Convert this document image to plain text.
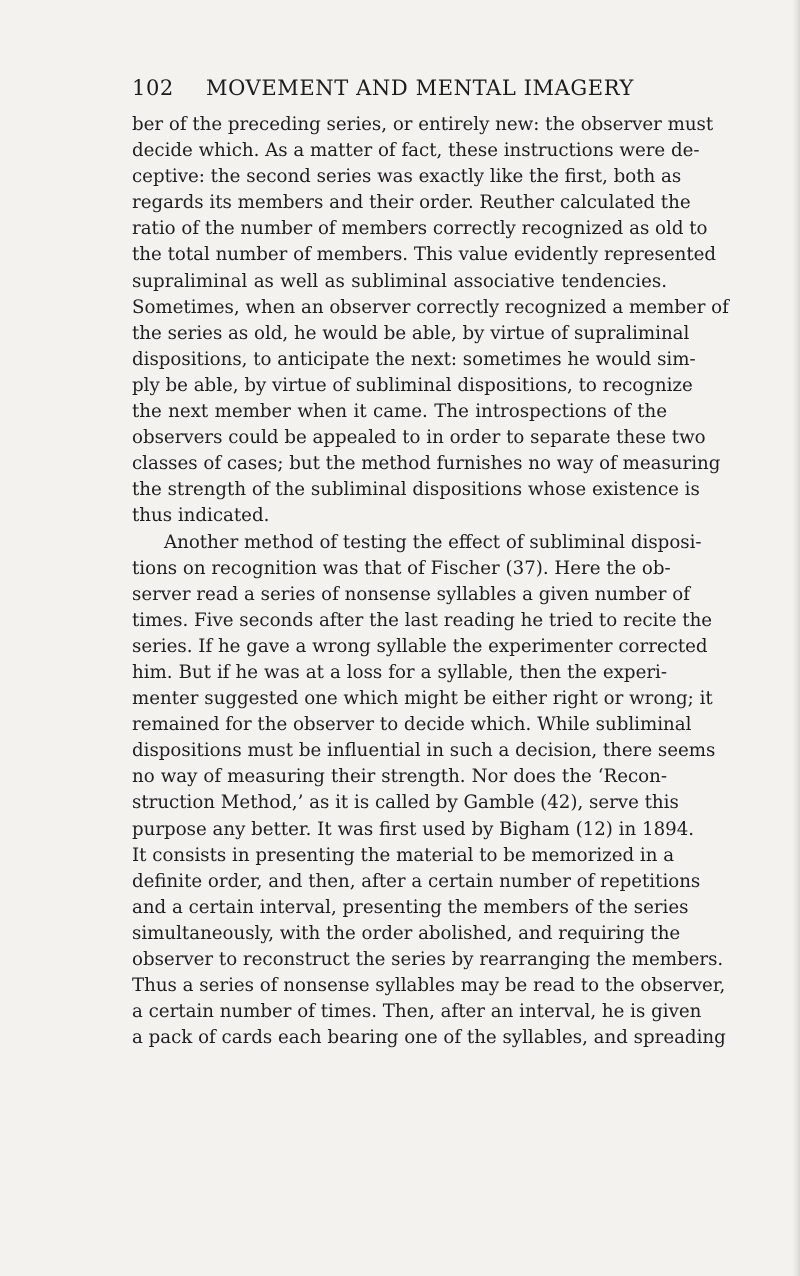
102 MOVEMENT AND MENTAL IMAGERY
ber of the preceding series, or entirely new: the observer must
decide which. As a matter of fact, these instructions were de-
ceptive: the second series was exactly like the first, both as
regards its members and their order. Reuther calculated the
ratio of the number of members correctly recognized as old to
the total number of members. This value evidently represented
supraliminal as well as subliminal associative tendencies.
Sometimes, when an observer correctly recognized a member of
the series as old, he would be able, by virtue of supraliminal
dispositions, to anticipate the next: sometimes he would sim-
ply be able, by virtue of subliminal dispositions, to recognize
the next member when it came. The introspections of the
observers could be appealed to in order to separate these two
classes of cases; but the method furnishes no way of measuring
the strength of the subliminal dispositions whose existence is
thus indicated.
Another method of testing the effect of subliminal disposi-
tions on recognition was that of Fischer (37). Here the ob-
server read a series of nonsense syllables a given number of
times. Five seconds after the last reading he tried to recite the
series. If he gave a wrong syllable the experimenter corrected
him. But if he was at a loss for a syllable, then the experi-
menter suggested one which might be either right or wrong; it
remained for the observer to decide which. While subliminal
dispositions must be influential in such a decision, there seems
no way of measuring their strength. Nor does the ‘Recon-
struction Method,’ as it is called by Gamble (42), serve this
purpose any better. It was first used by Bigham (12) in 1894.
It consists in presenting the material to be memorized in a
definite order, and then, after a certain number of repetitions
and a certain interval, presenting the members of the series
simultaneously, with the order abolished, and requiring the
observer to reconstruct the series by rearranging the members.
Thus a series of nonsense syllables may be read to the observer,
a certain number of times. Then, after an interval, he is given
a pack of cards each bearing one of the syllables, and spreading
